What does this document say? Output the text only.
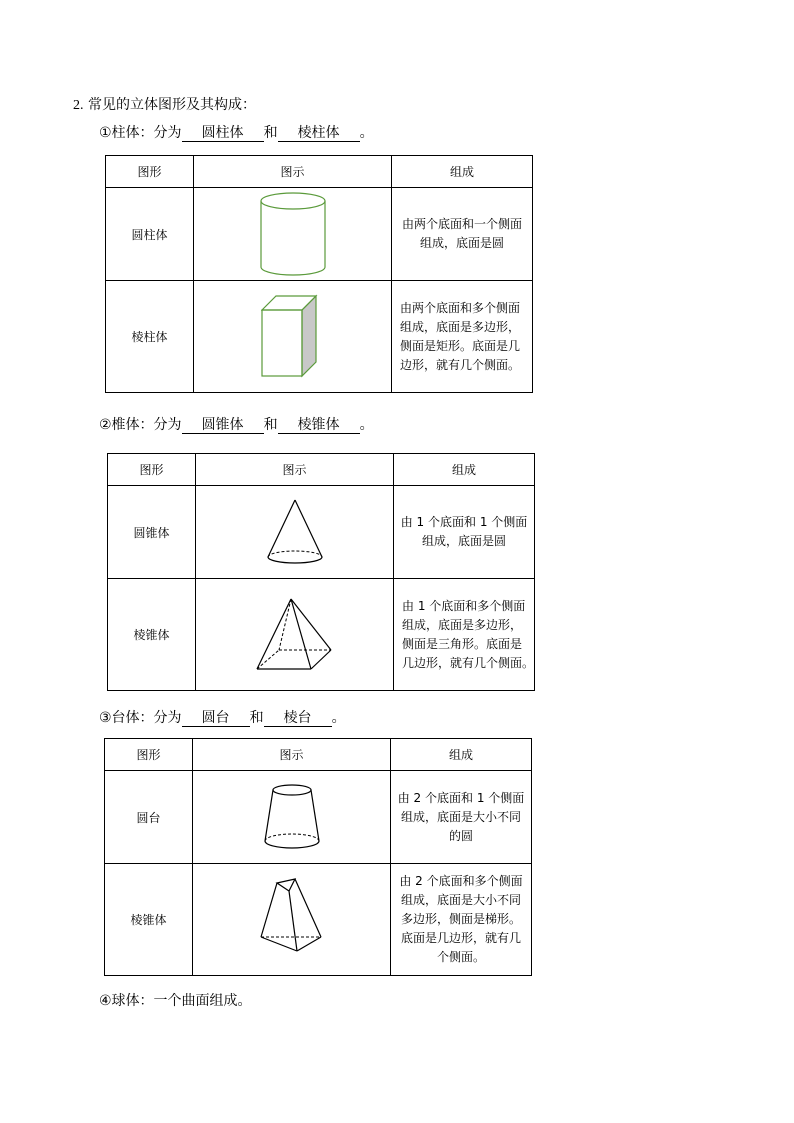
2. 常见的立体图形及其构成：
①柱体：分为 圆柱体 和 棱柱体 。
图形	图示	组成
圆柱体		由两个底面和一个侧面
组成，底面是圆

棱柱体		由两个底面和多个侧面
组成，底面是多边形，
侧面是矩形。底面是几
边形，就有几个侧面。
②椎体：分为 圆锥体 和 棱锥体 。
图形	图示	组成
圆锥体		由 1 个底面和 1 个侧面
组成，底面是圆

棱锥体		由 1 个底面和多个侧面
组成，底面是多边形，
侧面是三角形。底面是
几边形，就有几个侧面。
③台体：分为 圆台 和 棱台 。
图形	图示	组成
圆台		由 2 个底面和 1 个侧面
组成，底面是大小不同
的圆

棱锥体		由 2 个底面和多个侧面
组成，底面是大小不同
多边形，侧面是梯形。
底面是几边形，就有几
个侧面。
④球体：一个曲面组成。
